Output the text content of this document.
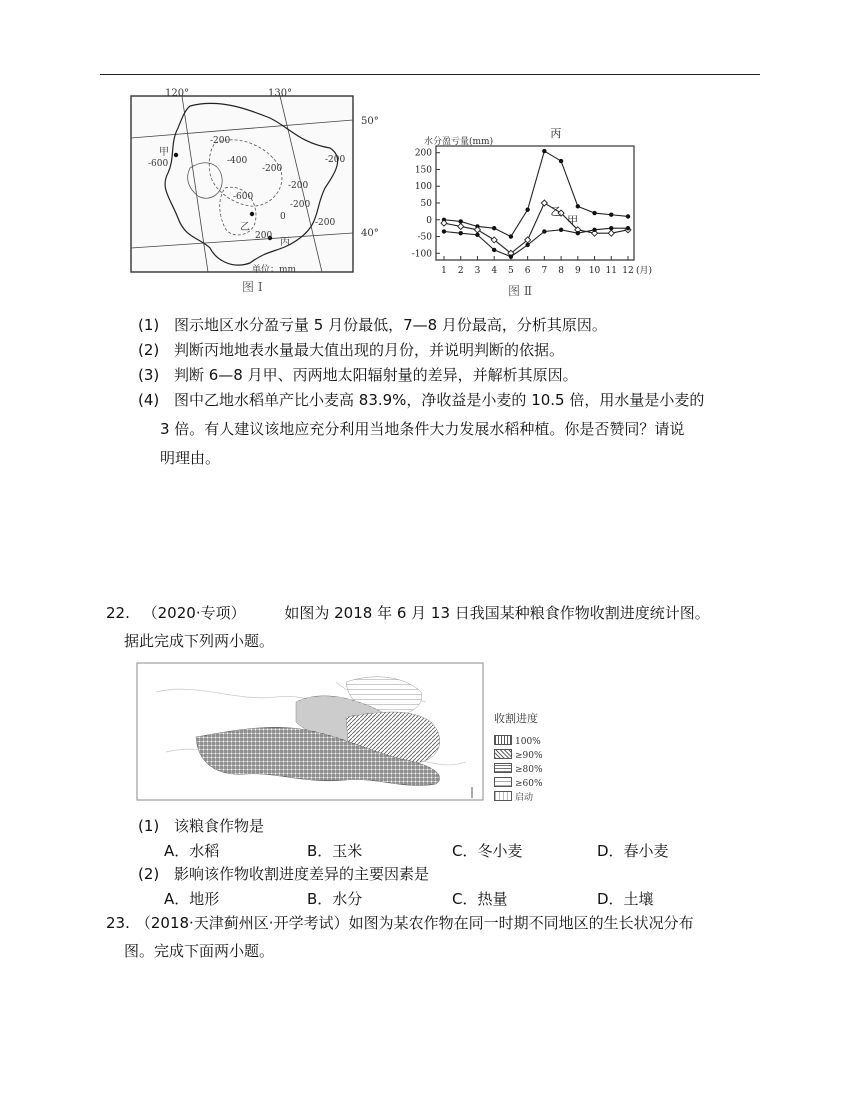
120°	130°
50°
40°
-200
-400
-600	-200
-200
-200
-600
-200
0
-200
200
甲
乙
丙
单位：mm
图 Ⅰ
水分盈亏量(mm)
200
150
100
50
0
-50
-100
1 2 3 4 5 6 7 8 9 10 11 12 (月)
丙
乙
甲
图 Ⅱ
(1) 图示地区水分盈亏量 5 月份最低，7—8 月份最高，分析其原因。
(2) 判断丙地地表水量最大值出现的月份，并说明判断的依据。
(3) 判断 6—8 月甲、丙两地太阳辐射量的差异，并解析其原因。
(4) 图中乙地水稻单产比小麦高 83.9%，净收益是小麦的 10.5 倍，用水量是小麦的
3 倍。有人建议该地应充分利用当地条件大力发展水稻种植。你是否赞同？请说
明理由。
22. （2020·专项）	如图为 2018 年 6 月 13 日我国某种粮食作物收割进度统计图。
据此完成下列两小题。
收割进度
100%
≥90%
≥80%
≥60%
启动
(1) 该粮食作物是
A．水稻	B．玉米	C．冬小麦	D．春小麦
(2) 影响该作物收割进度差异的主要因素是
A．地形	B．水分	C．热量	D．土壤
23. （2018·天津蓟州区·开学考试）如图为某农作物在同一时期不同地区的生长状况分布
图。完成下面两小题。
